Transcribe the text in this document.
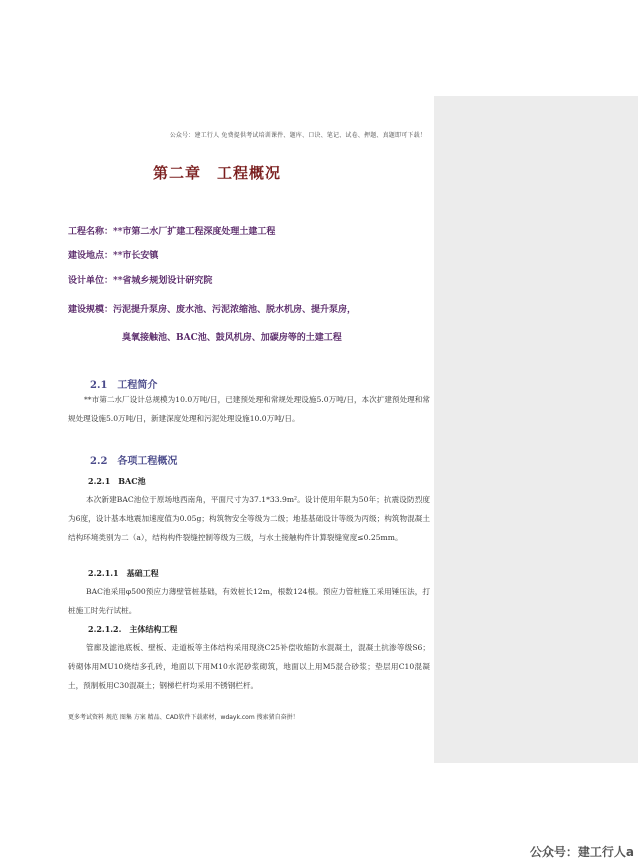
公众号：建工行人 免费提供考试培训课件、题库、口诀、笔记、试卷、押题、真题即可下载！
第二章　工程概况
工程名称：**市第二水厂扩建工程深度处理土建工程
建设地点：**市长安镇
设计单位：**省城乡规划设计研究院
建设规模：污泥提升泵房、废水池、污泥浓缩池、脱水机房、提升泵房，
臭氧接触池、BAC池、鼓风机房、加碳房等的土建工程
2.1 工程简介
**市第二水厂设计总规模为10.0万吨/日，已建预处理和常规处理设施5.0万吨/日，本次扩建预处理和常规处理设施5.0万吨/日，新建深度处理和污泥处理设施10.0万吨/日。
2.2 各项工程概况
2.2.1 BAC池
本次新建BAC池位于原场地西南角，平面尺寸为37.1*33.9m²。设计使用年限为50年；抗震设防烈度为6度，设计基本地震加速度值为0.05g；构筑物安全等级为二级；地基基础设计等级为丙级；构筑物混凝土结构环境类别为二（a），结构构件裂缝控制等级为三级，与水土接触构件计算裂缝宽度≤0.25mm。
2.2.1.1 基础工程
BAC池采用φ500预应力薄壁管桩基础，有效桩长12m，根数124根。预应力管桩施工采用锤压法，打桩施工时先行试桩。
2.2.1.2. 主体结构工程
管廊及滤池底板、壁板、走道板等主体结构采用现浇C25补偿收缩防水混凝土，混凝土抗渗等级S6；砖砌体用MU10烧结多孔砖，地面以下用M10水泥砂浆砌筑，地面以上用M5混合砂浆；垫层用C10混凝土，预制板用C30混凝土；钢梯栏杆均采用不锈钢栏杆。
更多考试资料 规范 图集 方案 精品、CAD软件下载素材，wdayk.com 搜索猪自奋拼！
公众号：建工行人a
